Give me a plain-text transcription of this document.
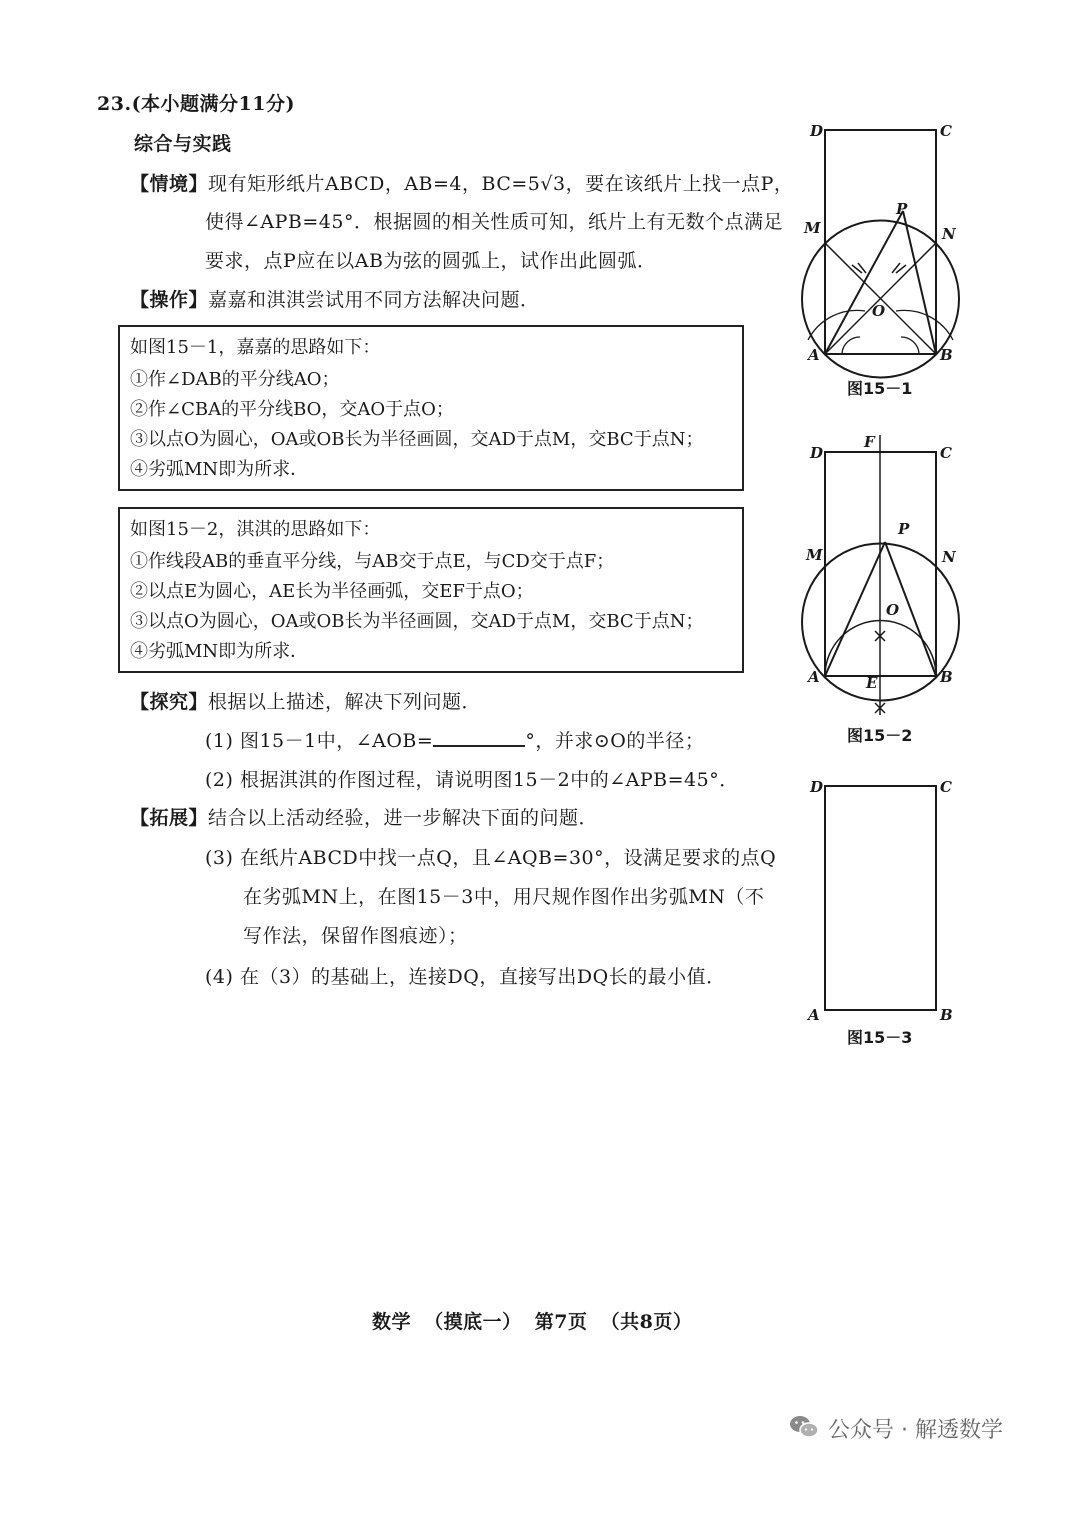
23.(本小题满分11分)
综合与实践
【情境】现有矩形纸片ABCD，AB=4，BC=5√3，要在该纸片上找一点P，
使得∠APB=45°．根据圆的相关性质可知，纸片上有无数个点满足
要求，点P应在以AB为弦的圆弧上，试作出此圆弧．
【操作】嘉嘉和淇淇尝试用不同方法解决问题．
如图15－1，嘉嘉的思路如下：
①作∠DAB的平分线AO；
②作∠CBA的平分线BO，交AO于点O；
③以点O为圆心，OA或OB长为半径画圆，交AD于点M，交BC于点N；
④劣弧MN即为所求．
如图15－2，淇淇的思路如下：
①作线段AB的垂直平分线，与AB交于点E，与CD交于点F；
②以点E为圆心，AE长为半径画弧，交EF于点O；
③以点O为圆心，OA或OB长为半径画圆，交AD于点M，交BC于点N；
④劣弧MN即为所求．
【探究】根据以上描述，解决下列问题．
(1) 图15－1中，∠AOB=	°，并求⊙O的半径；
(2) 根据淇淇的作图过程，请说明图15－2中的∠APB=45°．
【拓展】结合以上活动经验，进一步解决下面的问题．
(3) 在纸片ABCD中找一点Q，且∠AQB=30°，设满足要求的点Q
在劣弧MN上，在图15－3中，用尺规作图作出劣弧MN（不
写作法，保留作图痕迹）；
(4) 在（3）的基础上，连接DQ，直接写出DQ长的最小值．
D	C
M	N
P
O
A	B
图15－1
F
D	C
M	N
P
O
A	B
E
图15－2
D	C
A	B
图15－3
数学 （摸底一） 第7页 （共8页）
公众号 · 解透数学
